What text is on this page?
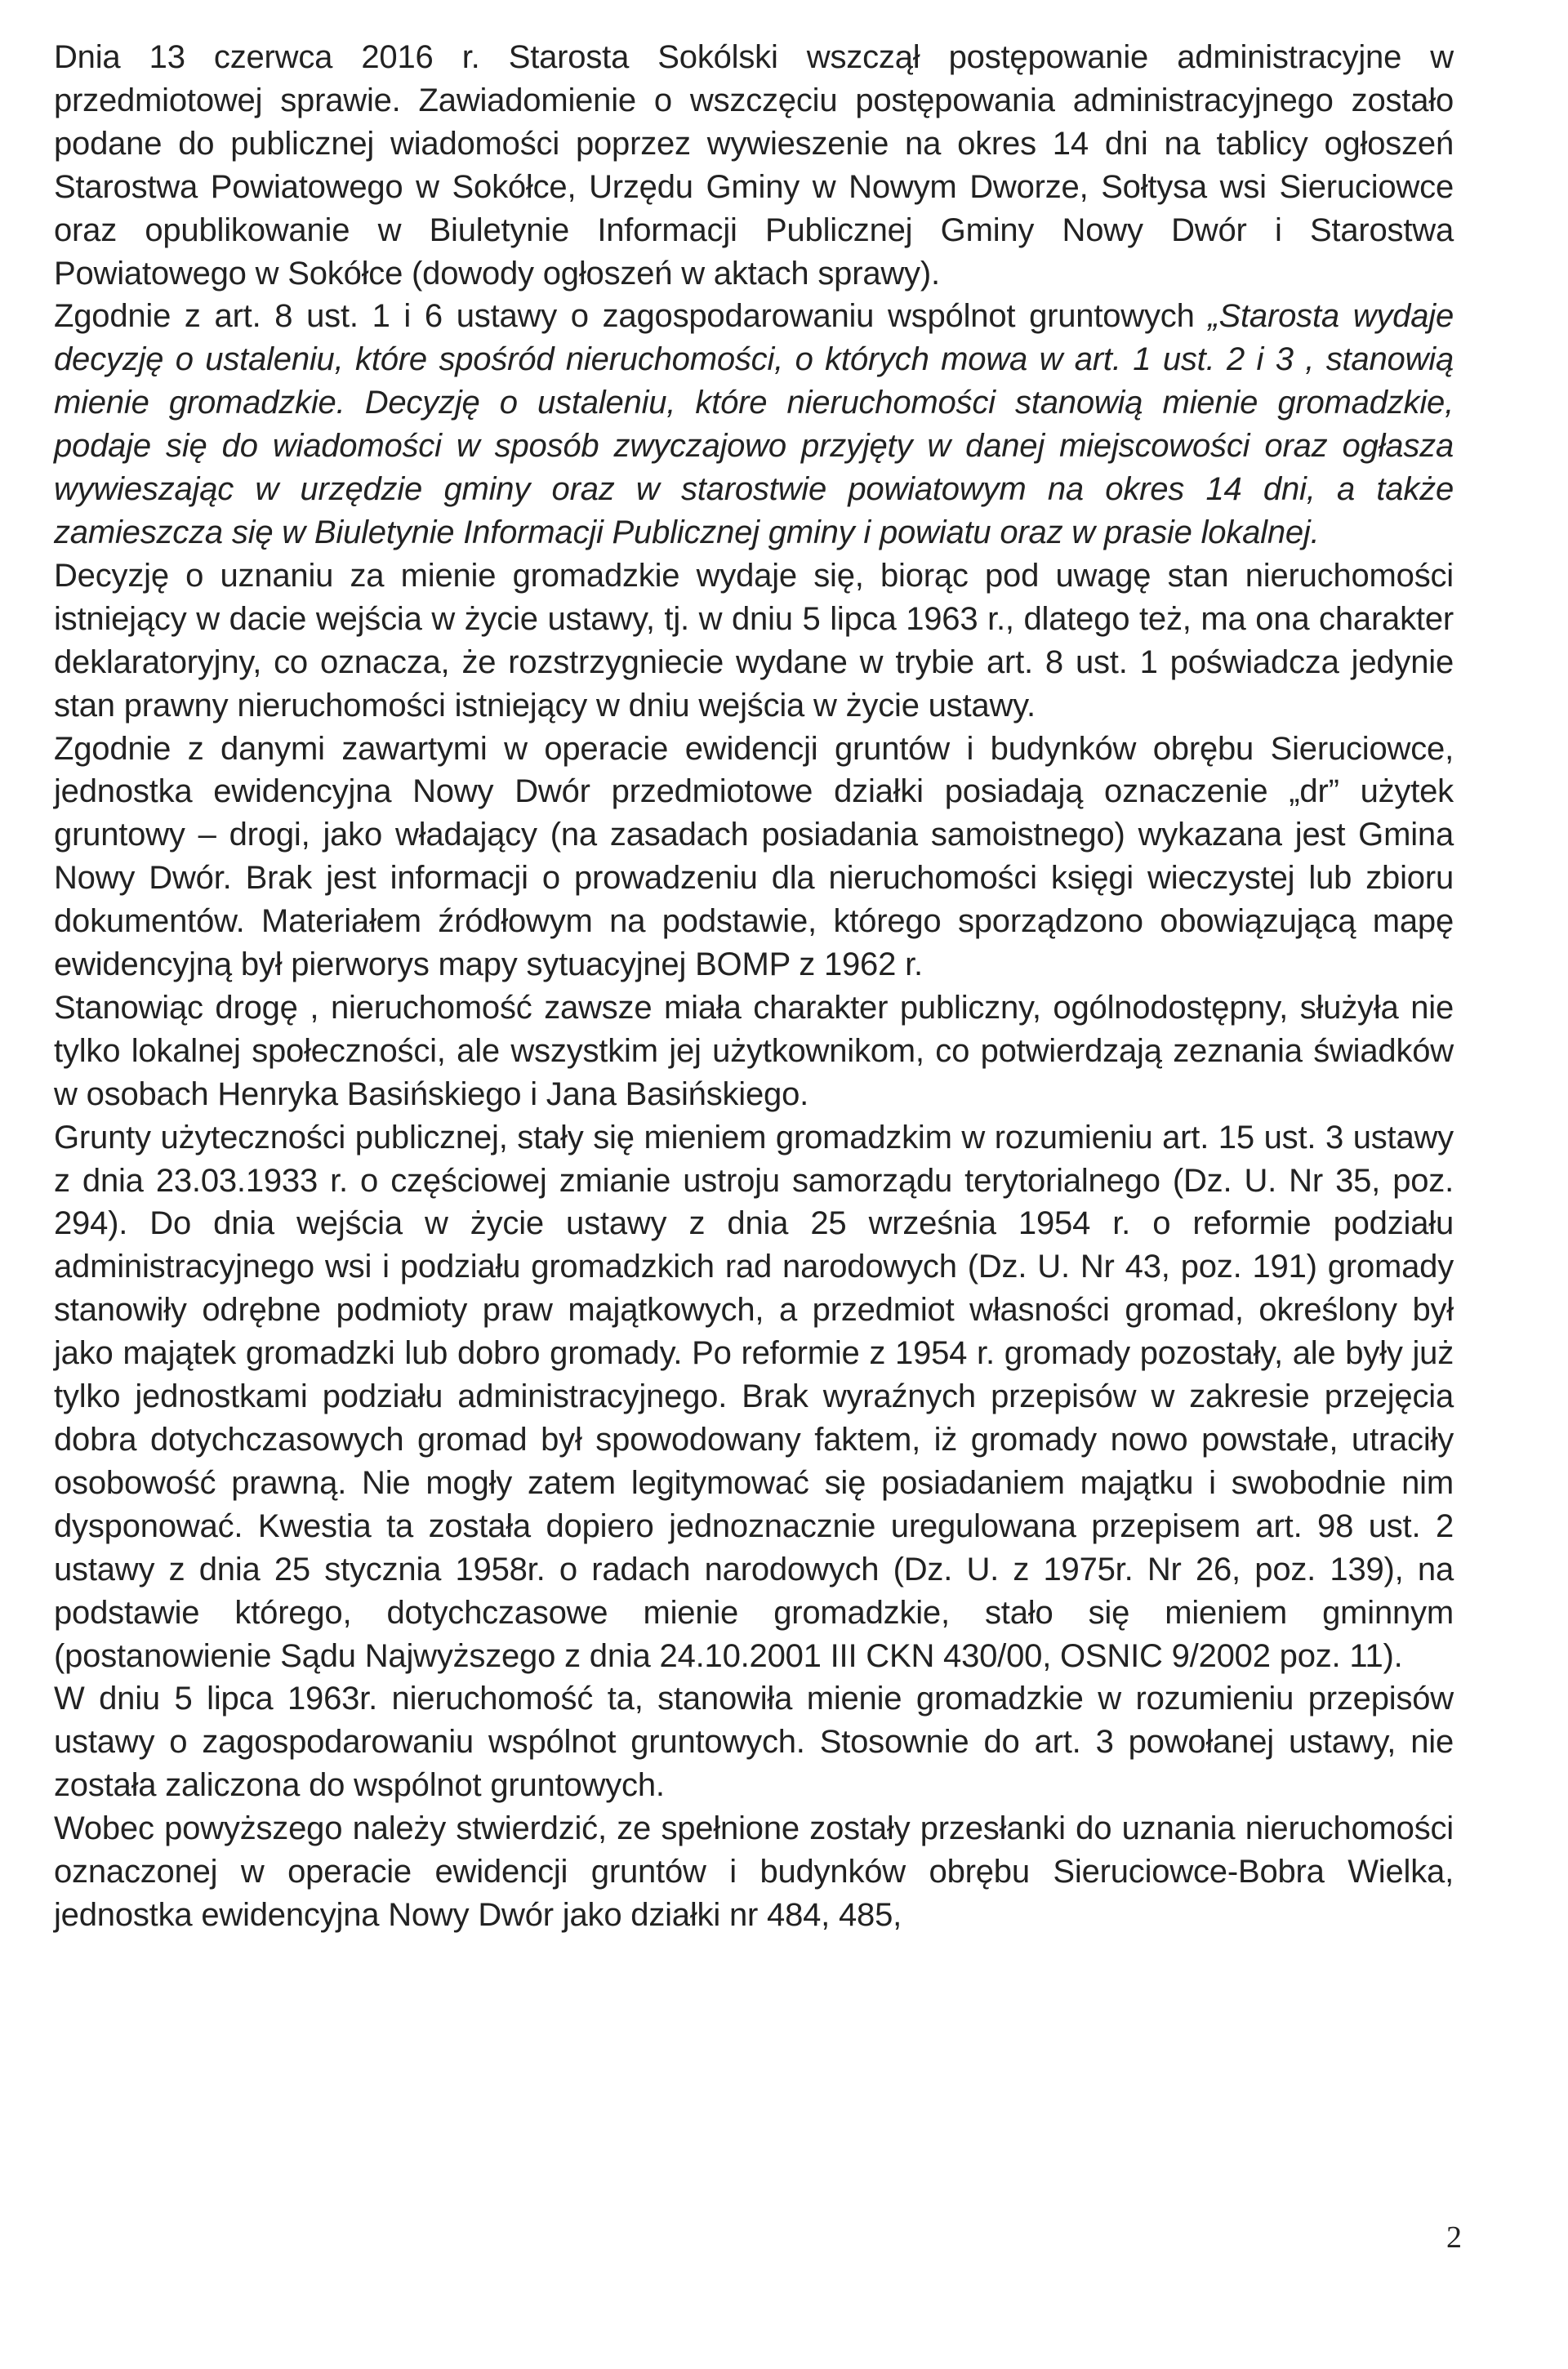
Dnia 13 czerwca 2016 r. Starosta Sokólski wszczął postępowanie administracyjne w przedmiotowej sprawie. Zawiadomienie o wszczęciu postępowania administracyjnego zostało podane do publicznej wiadomości poprzez wywieszenie na okres 14 dni na tablicy ogłoszeń Starostwa Powiatowego w Sokółce, Urzędu Gminy w Nowym Dworze, Sołtysa wsi Sieruciowce oraz opublikowanie w Biuletynie Informacji Publicznej Gminy Nowy Dwór i Starostwa Powiatowego w Sokółce (dowody ogłoszeń w aktach sprawy).

Zgodnie z art. 8 ust. 1 i 6 ustawy o zagospodarowaniu wspólnot gruntowych „Starosta wydaje decyzję o ustaleniu, które spośród nieruchomości, o których mowa w art. 1 ust. 2 i 3 , stanowią mienie gromadzkie. Decyzję o ustaleniu, które nieruchomości stanowią mienie gromadzkie, podaje się do wiadomości w sposób zwyczajowo przyjęty w danej miejscowości oraz ogłasza wywieszając w urzędzie gminy oraz w starostwie powiatowym na okres 14 dni, a także zamieszcza się w Biuletynie Informacji Publicznej gminy i powiatu oraz w prasie lokalnej.

Decyzję o uznaniu za mienie gromadzkie wydaje się, biorąc pod uwagę stan nieruchomości istniejący w dacie wejścia w życie ustawy, tj. w dniu 5 lipca 1963 r., dlatego też, ma ona charakter deklaratoryjny, co oznacza, że rozstrzygniecie wydane w trybie art. 8 ust. 1 poświadcza jedynie stan prawny nieruchomości istniejący w dniu wejścia w życie ustawy.

Zgodnie z danymi zawartymi w operacie ewidencji gruntów i budynków obrębu Sieruciowce, jednostka ewidencyjna Nowy Dwór przedmiotowe działki posiadają oznaczenie „dr” użytek gruntowy – drogi, jako władający (na zasadach posiadania samoistnego) wykazana jest Gmina Nowy Dwór. Brak jest informacji o prowadzeniu dla nieruchomości księgi wieczystej lub zbioru dokumentów. Materiałem źródłowym na podstawie, którego sporządzono obowiązującą mapę ewidencyjną był pierworys mapy sytuacyjnej BOMP z 1962 r.

Stanowiąc drogę , nieruchomość zawsze miała charakter publiczny, ogólnodostępny, służyła nie tylko lokalnej społeczności, ale wszystkim jej użytkownikom, co potwierdzają zeznania świadków w osobach Henryka Basińskiego i Jana Basińskiego.

Grunty użyteczności publicznej, stały się mieniem gromadzkim w rozumieniu art. 15 ust. 3 ustawy z dnia 23.03.1933 r. o częściowej zmianie ustroju samorządu terytorialnego (Dz. U. Nr 35, poz. 294). Do dnia wejścia w życie ustawy z dnia 25 września 1954 r. o reformie podziału administracyjnego wsi i podziału gromadzkich rad narodowych (Dz. U. Nr 43, poz. 191) gromady stanowiły odrębne podmioty praw majątkowych, a przedmiot własności gromad, określony był jako majątek gromadzki lub dobro gromady. Po reformie z 1954 r. gromady pozostały, ale były już tylko jednostkami podziału administracyjnego. Brak wyraźnych przepisów w zakresie przejęcia dobra dotychczasowych gromad był spowodowany faktem, iż gromady nowo powstałe, utraciły osobowość prawną. Nie mogły zatem legitymować się posiadaniem majątku i swobodnie nim dysponować. Kwestia ta została dopiero jednoznacznie uregulowana przepisem art. 98 ust. 2 ustawy z dnia 25 stycznia 1958r. o radach narodowych (Dz. U. z 1975r. Nr 26, poz. 139), na podstawie którego, dotychczasowe mienie gromadzkie, stało się mieniem gminnym (postanowienie Sądu Najwyższego z dnia 24.10.2001 III CKN 430/00, OSNIC 9/2002 poz. 11).

W dniu 5 lipca 1963r. nieruchomość ta, stanowiła mienie gromadzkie w rozumieniu przepisów ustawy o zagospodarowaniu wspólnot gruntowych. Stosownie do art. 3 powołanej ustawy, nie została zaliczona do wspólnot gruntowych.

Wobec powyższego należy stwierdzić, ze spełnione zostały przesłanki do uznania nieruchomości oznaczonej w operacie ewidencji gruntów i budynków obrębu Sieruciowce-Bobra Wielka, jednostka ewidencyjna Nowy Dwór jako działki nr 484, 485,

2
